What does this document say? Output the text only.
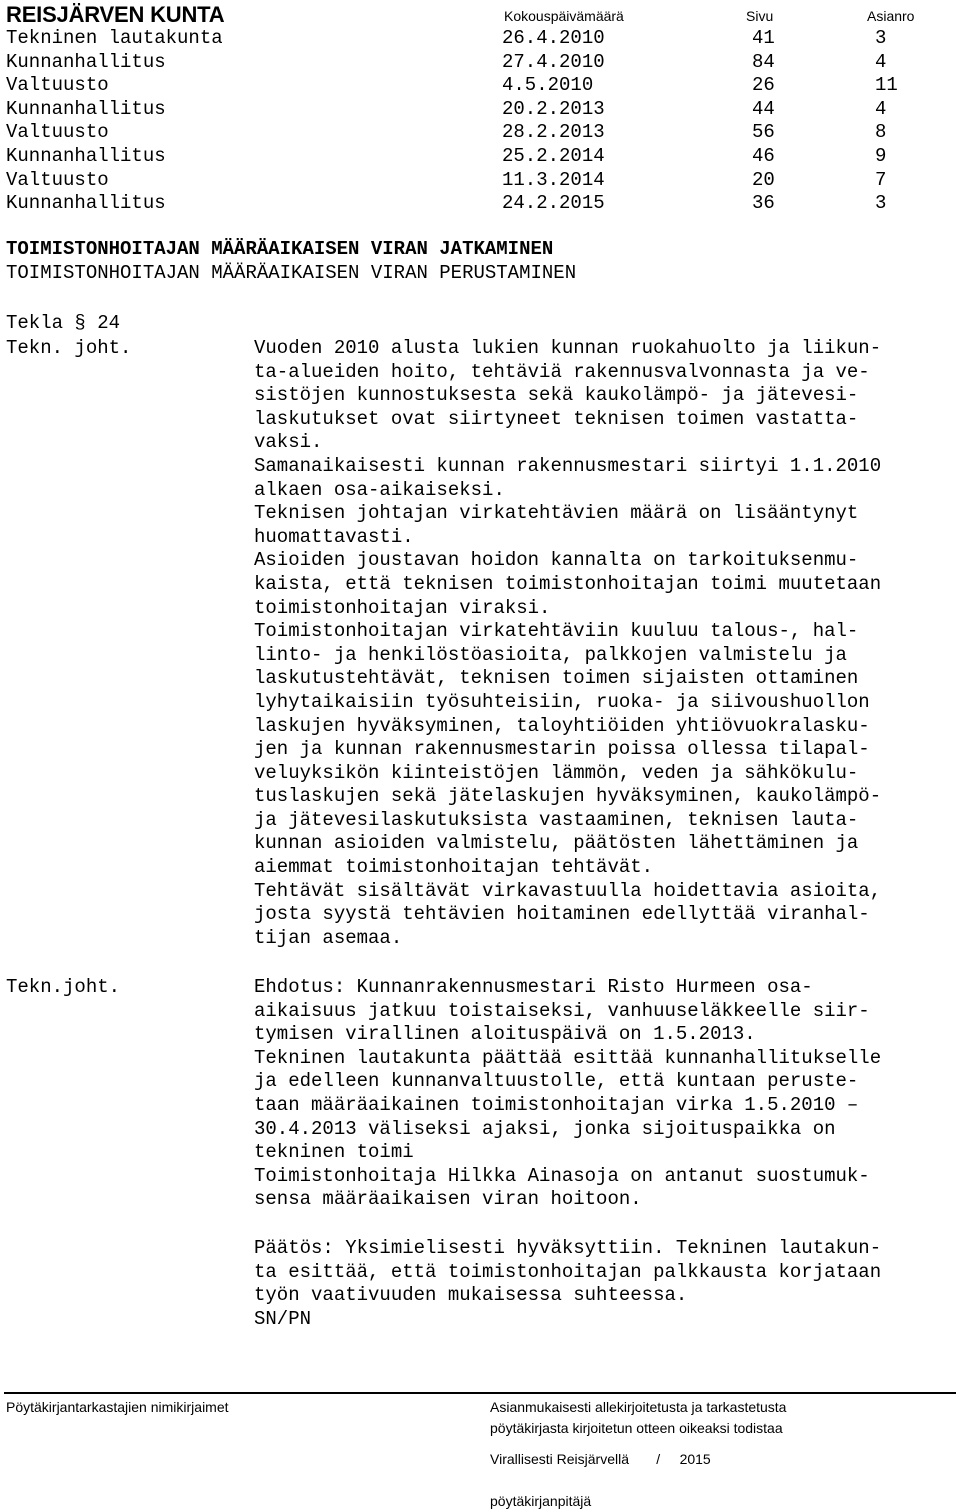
REISJÄRVEN KUNTA	Kokouspäivämäärä	Sivu	Asianro
Tekninen lautakunta	26.4.2010	41	3
Kunnanhallitus	27.4.2010	84	4
Valtuusto	4.5.2010	26	11
Kunnanhallitus	20.2.2013	44	4
Valtuusto	28.2.2013	56	8
Kunnanhallitus	25.2.2014	46	9
Valtuusto	11.3.2014	20	7
Kunnanhallitus	24.2.2015	36	3
TOIMISTONHOITAJAN MÄÄRÄAIKAISEN VIRAN JATKAMINEN
TOIMISTONHOITAJAN MÄÄRÄAIKAISEN VIRAN PERUSTAMINEN
Tekla § 24
Tekn. joht.	Vuoden 2010 alusta lukien kunnan ruokahuolto ja liikun-
ta-alueiden hoito, tehtäviä rakennusvalvonnasta ja ve-
sistöjen kunnostuksesta sekä kaukolämpö- ja jätevesi-
laskutukset ovat siirtyneet teknisen toimen vastatta-
vaksi.
Samanaikaisesti kunnan rakennusmestari siirtyi 1.1.2010
alkaen osa-aikaiseksi.
Teknisen johtajan virkatehtävien määrä on lisääntynyt
huomattavasti.
Asioiden joustavan hoidon kannalta on tarkoituksenmu-
kaista, että teknisen toimistonhoitajan toimi muutetaan
toimistonhoitajan viraksi.
Toimistonhoitajan virkatehtäviin kuuluu talous-, hal-
linto- ja henkilöstöasioita, palkkojen valmistelu ja
laskutustehtävät, teknisen toimen sijaisten ottaminen
lyhytaikaisiin työsuhteisiin, ruoka- ja siivoushuollon
laskujen hyväksyminen, taloyhtiöiden yhtiövuokralasku-
jen ja kunnan rakennusmestarin poissa ollessa tilapal-
veluyksikön kiinteistöjen lämmön, veden ja sähkökulu-
tuslaskujen sekä jätelaskujen hyväksyminen, kaukolämpö-
ja jätevesilaskutuksista vastaaminen, teknisen lauta-
kunnan asioiden valmistelu, päätösten lähettäminen ja
aiemmat toimistonhoitajan tehtävät.
Tehtävät sisältävät virkavastuulla hoidettavia asioita,
josta syystä tehtävien hoitaminen edellyttää viranhal-
tijan asemaa.
Tekn.joht.	Ehdotus: Kunnanrakennusmestari Risto Hurmeen osa-
aikaisuus jatkuu toistaiseksi, vanhuuseläkkeelle siir-
tymisen virallinen aloituspäivä on 1.5.2013.
Tekninen lautakunta päättää esittää kunnanhallitukselle
ja edelleen kunnanvaltuustolle, että kuntaan peruste-
taan määräaikainen toimistonhoitajan virka 1.5.2010 –
30.4.2013 väliseksi ajaksi, jonka sijoituspaikka on
tekninen toimi
Toimistonhoitaja Hilkka Ainasoja on antanut suostumuk-
sensa määräaikaisen viran hoitoon.
Päätös: Yksimielisesti hyväksyttiin. Tekninen lautakun-
ta esittää, että toimistonhoitajan palkkausta korjataan
työn vaativuuden mukaisessa suhteessa.
SN/PN
Pöytäkirjantarkastajien nimikirjaimet	Asianmukaisesti allekirjoitetusta ja tarkastetusta
pöytäkirjasta kirjoitetun otteen oikeaksi todistaa
Virallisesti Reisjärvellä       /     2015
pöytäkirjanpitäjä
